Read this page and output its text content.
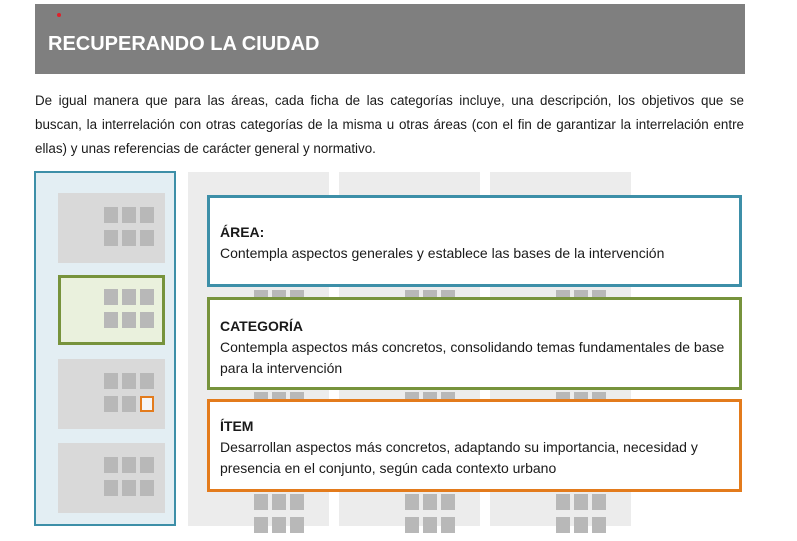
RECUPERANDO LA CIUDAD

De igual manera que para las áreas, cada ficha de las categorías incluye, una descripción, los objetivos que se buscan, la interrelación con otras categorías de la misma u otras áreas (con el fin de garantizar la interrelación entre ellas) y unas referencias de carácter general y normativo.

ÁREA:
Contempla aspectos generales y establece las bases de la intervención
CATEGORÍA
Contempla aspectos más concretos, consolidando temas fundamentales de base para la intervención
ÍTEM
Desarrollan aspectos más concretos, adaptando su importancia, necesidad y presencia en el conjunto, según cada contexto urbano
